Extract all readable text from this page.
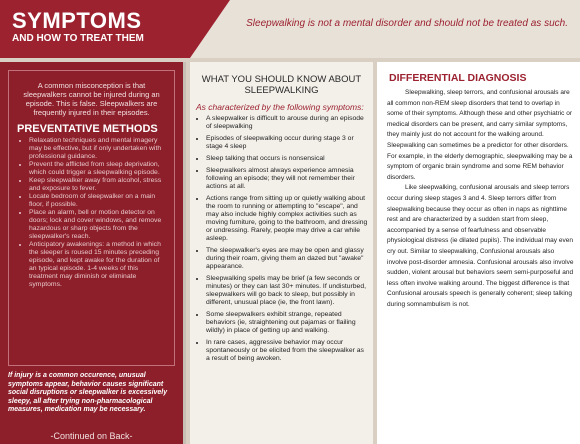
SYMPTOMS
AND HOW TO TREAT THEM
Sleepwalking is not a mental disorder and should not be treated as such.
A common misconception is that sleepwalkers cannot be injured during an episode. This is false. Sleepwalkers are frequently injured in their episodes.
PREVENTATIVE METHODS
• Relaxation techniques and mental imagery may be effective, but if only undertaken with professional guidance.
• Prevent the afflicted from sleep deprivation, which could trigger a sleepwalking episode.
• Keep sleepwalker away from alcohol, stress and exposure to fever.
• Locate bedroom of sleepwalker on a main floor, if possible.
• Place an alarm, bell or motion detector on doors; lock and cover windows, and remove hazardous or sharp objects from the sleepwalker's reach.
• Anticipatory awakenings: a method in which the sleeper is roused 15 minutes preceding episode, and kept awake for the duration of an typical episode. 1-4 weeks of this treatment may diminish or eliminate symptoms.
If injury is a common occurence, unusual symptoms appear, behavior causes significant social disruptions or sleepwalker is excessively sleepy, all after trying non-pharmacological measures, medication may be necessary.
-Continued on Back-
WHAT YOU SHOULD KNOW ABOUT SLEEPWALKING
As characterized by the following symptoms:
• A sleepwalker is difficult to arouse during an episode of sleepwalking
• Episodes of sleepwalking occur during stage 3 or stage 4 sleep
• Sleep talking that occurs is nonsensical
• Sleepwalkers almost always experience amnesia following an episode; they will not remember their actions at all.
• Actions range from sitting up or quietly walking about the room to running or attempting to "escape", and may also include highly complex activities such as moving furniture, going to the bathroom, and dressing or undressing. Rarely, people may drive a car while asleep.
• The sleepwalker's eyes are may be open and glassy during their roam, giving them an dazed but "awake" appearance.
• Sleepwalking spells may be brief (a few seconds or minutes) or they can last 30+ minutes. If undisturbed, sleepwalkers will go back to sleep, but possibly in different, unusual place (ie, the front lawn).
• Some sleepwalkers exhibit strange, repeated behaviors (ie, straightening out pajamas or flailing wildly) in place of getting up and walking.
• In rare cases, aggressive behavior may occur spontaneously or be elicited from the sleepwalker as a result of being awoken.
DIFFERENTIAL DIAGNOSIS

Sleepwalking, sleep terrors, and confusional arousals are all common non-REM sleep disorders that tend to overlap in some of their symptoms. Although these and other psychiatric or medical disorders can be present, and carry similar symptoms, they mainly just do not account for the walking around. Sleepwalking can sometimes be a predictor for other disorders. For example, in the elderly demographic, sleepwalking may be a symptom of organic brain syndrome and some REM behavior disorders.

Like sleepwalking, confusional arousals and sleep terrors occur during sleep stages 3 and 4. Sleep terrors differ from sleepwalking because they occur as often in naps as nighttime rest and are characterized by a sudden start from sleep, accompanied by a sense of fearfulness and observable physiological distress (ie dilated pupils). The individual may even cry out. Similar to sleepwalking, Confusional arousals also involve post-disorder amnesia. Confusional arousals also involve sudden, violent arousal but behaviors seem semi-purposeful and less often involve walking around. The biggest difference is that Confusional arousals speech is generally coherent; sleep talking during somnambulism is not.
